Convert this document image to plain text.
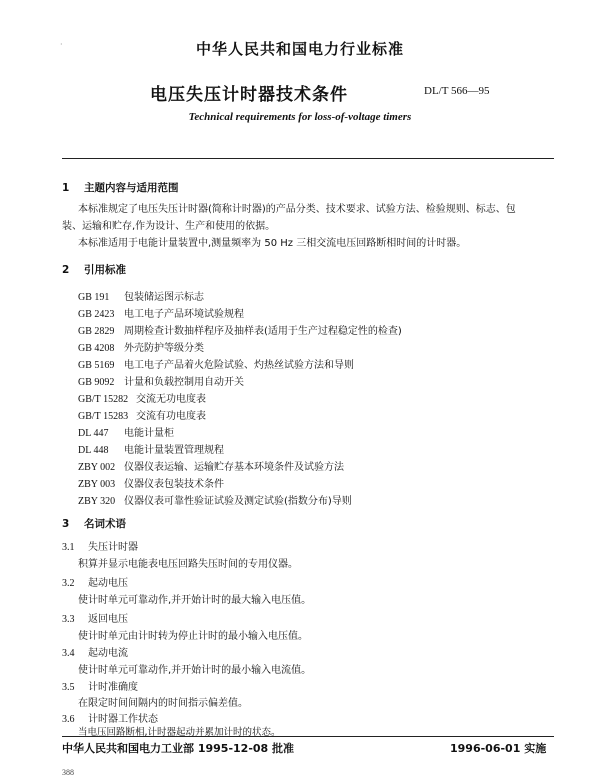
·	中华人民共和国电力行业标准
电压失压计时器技术条件	DL/T 566—95
Technical requirements for loss-of-voltage timers
1 主题内容与适用范围
本标准规定了电压失压计时器(简称计时器)的产品分类、技术要求、试验方法、检验规则、标志、包
装、运输和贮存,作为设计、生产和使用的依据。
本标准适用于电能计量装置中,测量频率为 50 Hz 三相交流电压回路断相时间的计时器。
2 引用标准
GB 191 包装储运图示标志
GB 2423 电工电子产品环境试验规程
GB 2829 周期检查计数抽样程序及抽样表(适用于生产过程稳定性的检查)
GB 4208 外壳防护等级分类
GB 5169 电工电子产品着火危险试验、灼热丝试验方法和导则
GB 9092 计量和负载控制用自动开关
GB/T 15282 交流无功电度表
GB/T 15283 交流有功电度表
DL 447 电能计量柜
DL 448 电能计量装置管理规程
ZBY 002 仪器仪表运输、运输贮存基本环境条件及试验方法
ZBY 003 仪器仪表包装技术条件
ZBY 320 仪器仪表可靠性验证试验及测定试验(指数分布)导则
3 名词术语
3.1 失压计时器
积算并显示电能表电压回路失压时间的专用仪器。
3.2 起动电压
使计时单元可靠动作,并开始计时的最大输入电压值。
3.3 返回电压
使计时单元由计时转为停止计时的最小输入电压值。
3.4 起动电流
使计时单元可靠动作,并开始计时的最小输入电流值。
3.5 计时准确度
在限定时间间隔内的时间指示偏差值。
3.6 计时器工作状态
当电压回路断相,计时器起动并累加计时的状态。
中华人民共和国电力工业部 1995-12-08 批准	1996-06-01 实施
388
